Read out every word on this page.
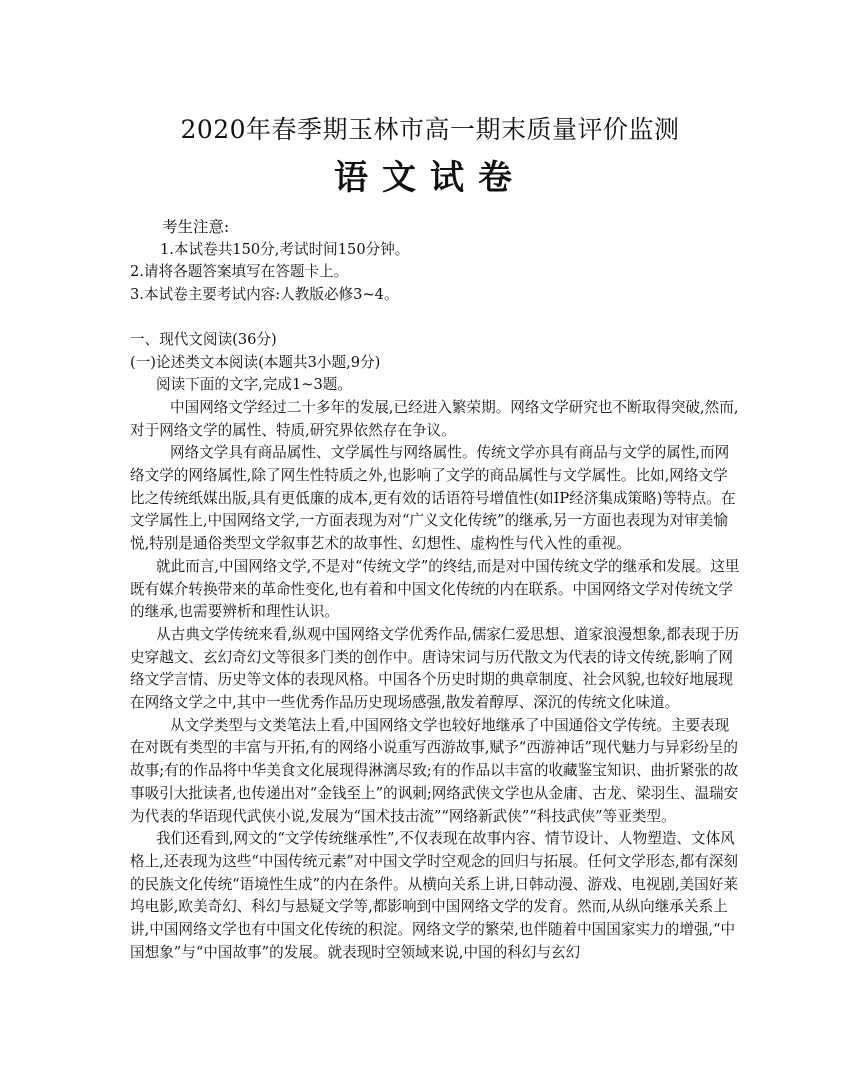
2020年春季期玉林市高一期末质量评价监测
语文试卷

考生注意:

1.本试卷共150分,考试时间150分钟。

2.请将各题答案填写在答题卡上。

3.本试卷主要考试内容:人教版必修3~4。

一、现代文阅读(36分)

(一)论述类文本阅读(本题共3小题,9分)

阅读下面的文字,完成1~3题。

中国网络文学经过二十多年的发展,已经进入繁荣期。网络文学研究也不断取得突破,然而,对于网络文学的属性、特质,研究界依然存在争议。

网络文学具有商品属性、文学属性与网络属性。传统文学亦具有商品与文学的属性,而网络文学的网络属性,除了网生性特质之外,也影响了文学的商品属性与文学属性。比如,网络文学比之传统纸媒出版,具有更低廉的成本,更有效的话语符号增值性(如IP经济集成策略)等特点。在文学属性上,中国网络文学,一方面表现为对“广义文化传统”的继承,另一方面也表现为对审美愉悦,特别是通俗类型文学叙事艺术的故事性、幻想性、虚构性与代入性的重视。

就此而言,中国网络文学,不是对“传统文学”的终结,而是对中国传统文学的继承和发展。这里既有媒介转换带来的革命性变化,也有着和中国文化传统的内在联系。中国网络文学对传统文学的继承,也需要辨析和理性认识。

从古典文学传统来看,纵观中国网络文学优秀作品,儒家仁爱思想、道家浪漫想象,都表现于历史穿越文、玄幻奇幻文等很多门类的创作中。唐诗宋词与历代散文为代表的诗文传统,影响了网络文学言情、历史等文体的表现风格。中国各个历史时期的典章制度、社会风貌,也较好地展现在网络文学之中,其中一些优秀作品历史现场感强,散发着醇厚、深沉的传统文化味道。

从文学类型与文类笔法上看,中国网络文学也较好地继承了中国通俗文学传统。主要表现在对既有类型的丰富与开拓,有的网络小说重写西游故事,赋予“西游神话”现代魅力与异彩纷呈的故事;有的作品将中华美食文化展现得淋漓尽致;有的作品以丰富的收藏鉴宝知识、曲折紧张的故事吸引大批读者,也传递出对“金钱至上”的讽刺;网络武侠文学也从金庸、古龙、梁羽生、温瑞安为代表的华语现代武侠小说,发展为“国术技击流”“网络新武侠”“科技武侠”等亚类型。

我们还看到,网文的“文学传统继承性”,不仅表现在故事内容、情节设计、人物塑造、文体风格上,还表现为这些“中国传统元素”对中国文学时空观念的回归与拓展。任何文学形态,都有深刻的民族文化传统“语境性生成”的内在条件。从横向关系上讲,日韩动漫、游戏、电视剧,美国好莱坞电影,欧美奇幻、科幻与悬疑文学等,都影响到中国网络文学的发育。然而,从纵向继承关系上讲,中国网络文学也有中国文化传统的积淀。网络文学的繁荣,也伴随着中国国家实力的增强,“中国想象”与“中国故事”的发展。就表现时空领域来说,中国的科幻与玄幻
